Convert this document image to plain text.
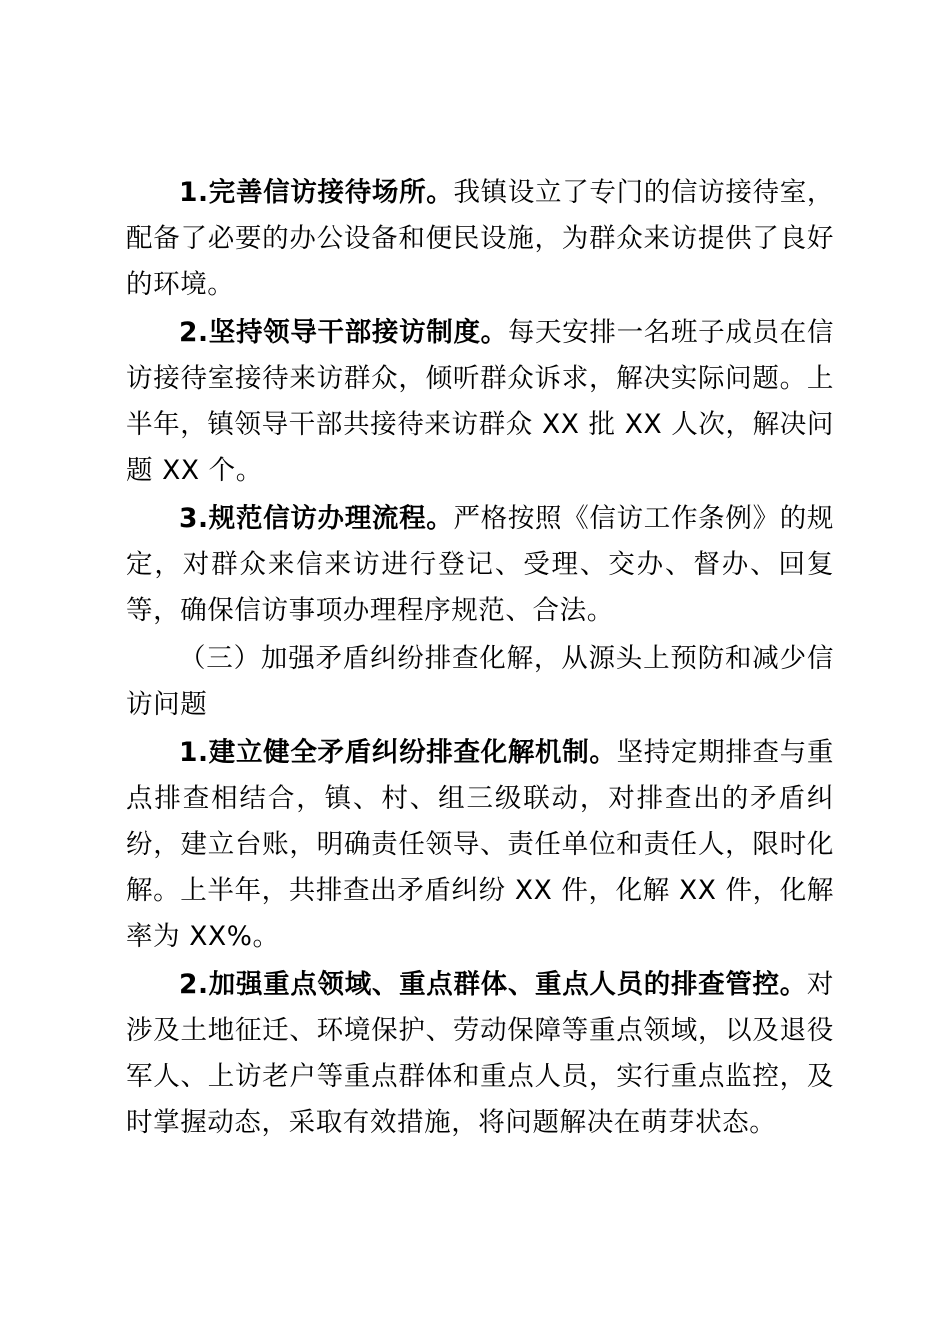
1.完善信访接待场所。我镇设立了专门的信访接待室，配备了必要的办公设备和便民设施，为群众来访提供了良好的环境。

2.坚持领导干部接访制度。每天安排一名班子成员在信访接待室接待来访群众，倾听群众诉求，解决实际问题。上半年，镇领导干部共接待来访群众 XX 批 XX 人次，解决问题 XX 个。

3.规范信访办理流程。严格按照《信访工作条例》的规定，对群众来信来访进行登记、受理、交办、督办、回复等，确保信访事项办理程序规范、合法。

（三）加强矛盾纠纷排查化解，从源头上预防和减少信访问题

1.建立健全矛盾纠纷排查化解机制。坚持定期排查与重点排查相结合，镇、村、组三级联动，对排查出的矛盾纠纷，建立台账，明确责任领导、责任单位和责任人，限时化解。上半年，共排查出矛盾纠纷 XX 件，化解 XX 件，化解率为 XX%。

2.加强重点领域、重点群体、重点人员的排查管控。对涉及土地征迁、环境保护、劳动保障等重点领域，以及退役军人、上访老户等重点群体和重点人员，实行重点监控，及时掌握动态，采取有效措施，将问题解决在萌芽状态。
